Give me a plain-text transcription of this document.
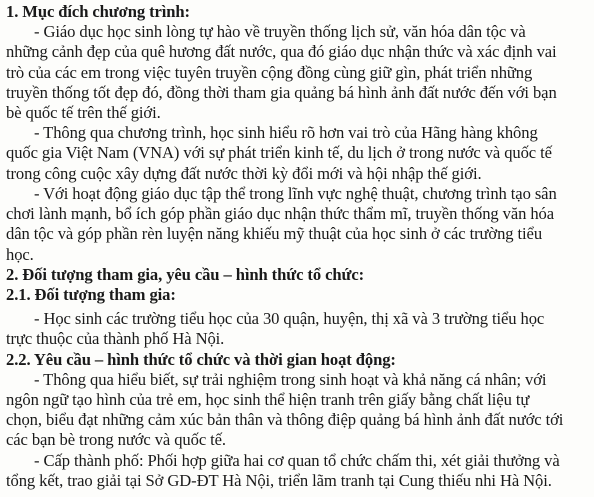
1. Mục đích chương trình:
- Giáo dục học sinh lòng tự hào về truyền thống lịch sử, văn hóa dân tộc và
những cảnh đẹp của quê hương đất nước, qua đó giáo dục nhận thức và xác định vai
trò của các em trong việc tuyên truyền cộng đồng cùng giữ gìn, phát triển những
truyền thống tốt đẹp đó, đồng thời tham gia quảng bá hình ảnh đất nước đến với bạn
bè quốc tế trên thế giới.
- Thông qua chương trình, học sinh hiểu rõ hơn vai trò của Hãng hàng không
quốc gia Việt Nam (VNA) với sự phát triển kinh tế, du lịch ở trong nước và quốc tế
trong công cuộc xây dựng đất nước thời kỳ đổi mới và hội nhập thế giới.
- Với hoạt động giáo dục tập thể trong lĩnh vực nghệ thuật, chương trình tạo sân
chơi lành mạnh, bổ ích góp phần giáo dục nhận thức thẩm mĩ, truyền thống văn hóa
dân tộc và góp phần rèn luyện năng khiếu mỹ thuật của học sinh ở các trường tiểu
học.
2. Đối tượng tham gia, yêu cầu – hình thức tổ chức:
2.1. Đối tượng tham gia:
- Học sinh các trường tiểu học của 30 quận, huyện, thị xã và 3 trường tiểu học
trực thuộc của thành phố Hà Nội.
2.2. Yêu cầu – hình thức tổ chức và thời gian hoạt động:
- Thông qua hiểu biết, sự trải nghiệm trong sinh hoạt và khả năng cá nhân; với
ngôn ngữ tạo hình của trẻ em, học sinh thể hiện tranh trên giấy bằng chất liệu tự
chọn, biểu đạt những cảm xúc bản thân và thông điệp quảng bá hình ảnh đất nước tới
các bạn bè trong nước và quốc tế.
- Cấp thành phố: Phối hợp giữa hai cơ quan tổ chức chấm thi, xét giải thưởng và
tổng kết, trao giải tại Sở GD-ĐT Hà Nội, triển lãm tranh tại Cung thiếu nhi Hà Nội.
